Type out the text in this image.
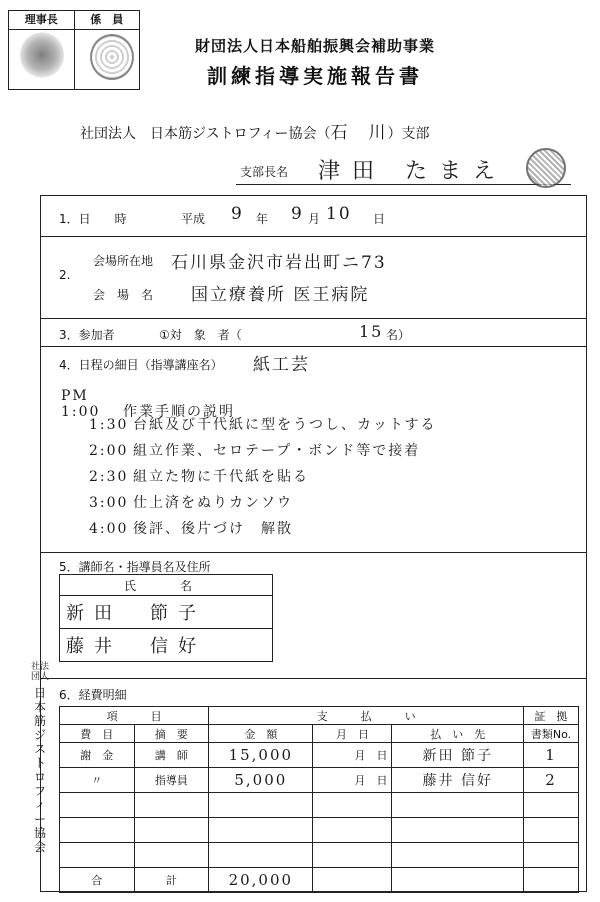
理事長	係　員
財団法人日本船舶振興会補助事業
訓練指導実施報告書
社団法人　日本筋ジストロフィー協会（石　川）支部
支部長名 津田 たまえ
1．日　　時	平成 9 年 9 月 10 日
2.
会場所在地 石川県金沢市岩出町ニ73
会　場　名 国立療養所 医王病院
3．参加者	①対　象　者（	15 名）
4．日程の細目（指導講座名） 紙工芸
PM 1:00 作業手順の説明
1:30 台紙及び千代紙に型をうつし、カットする
2:00 組立作業、セロテープ・ボンド等で接着
2:30 組立た物に千代紙を貼る
3:00 仕上済をぬりカンソウ
4:00 後評、後片づけ　解散
5．講師名・指導員名及住所
氏　名
新田　節子
藤井　信好
6．経費明細
項　　　目		支　　　払　　　い			証　拠
費　目	摘　要	金　額	月　日	払　い　先	書類No.
謝　金	講　師	15,000	月　 日	新田 節子	1
〃	指導員	5,000	月　 日	藤井 信好	2

合	計	20,000			
社法団人
日本筋ジストロフィー協会
